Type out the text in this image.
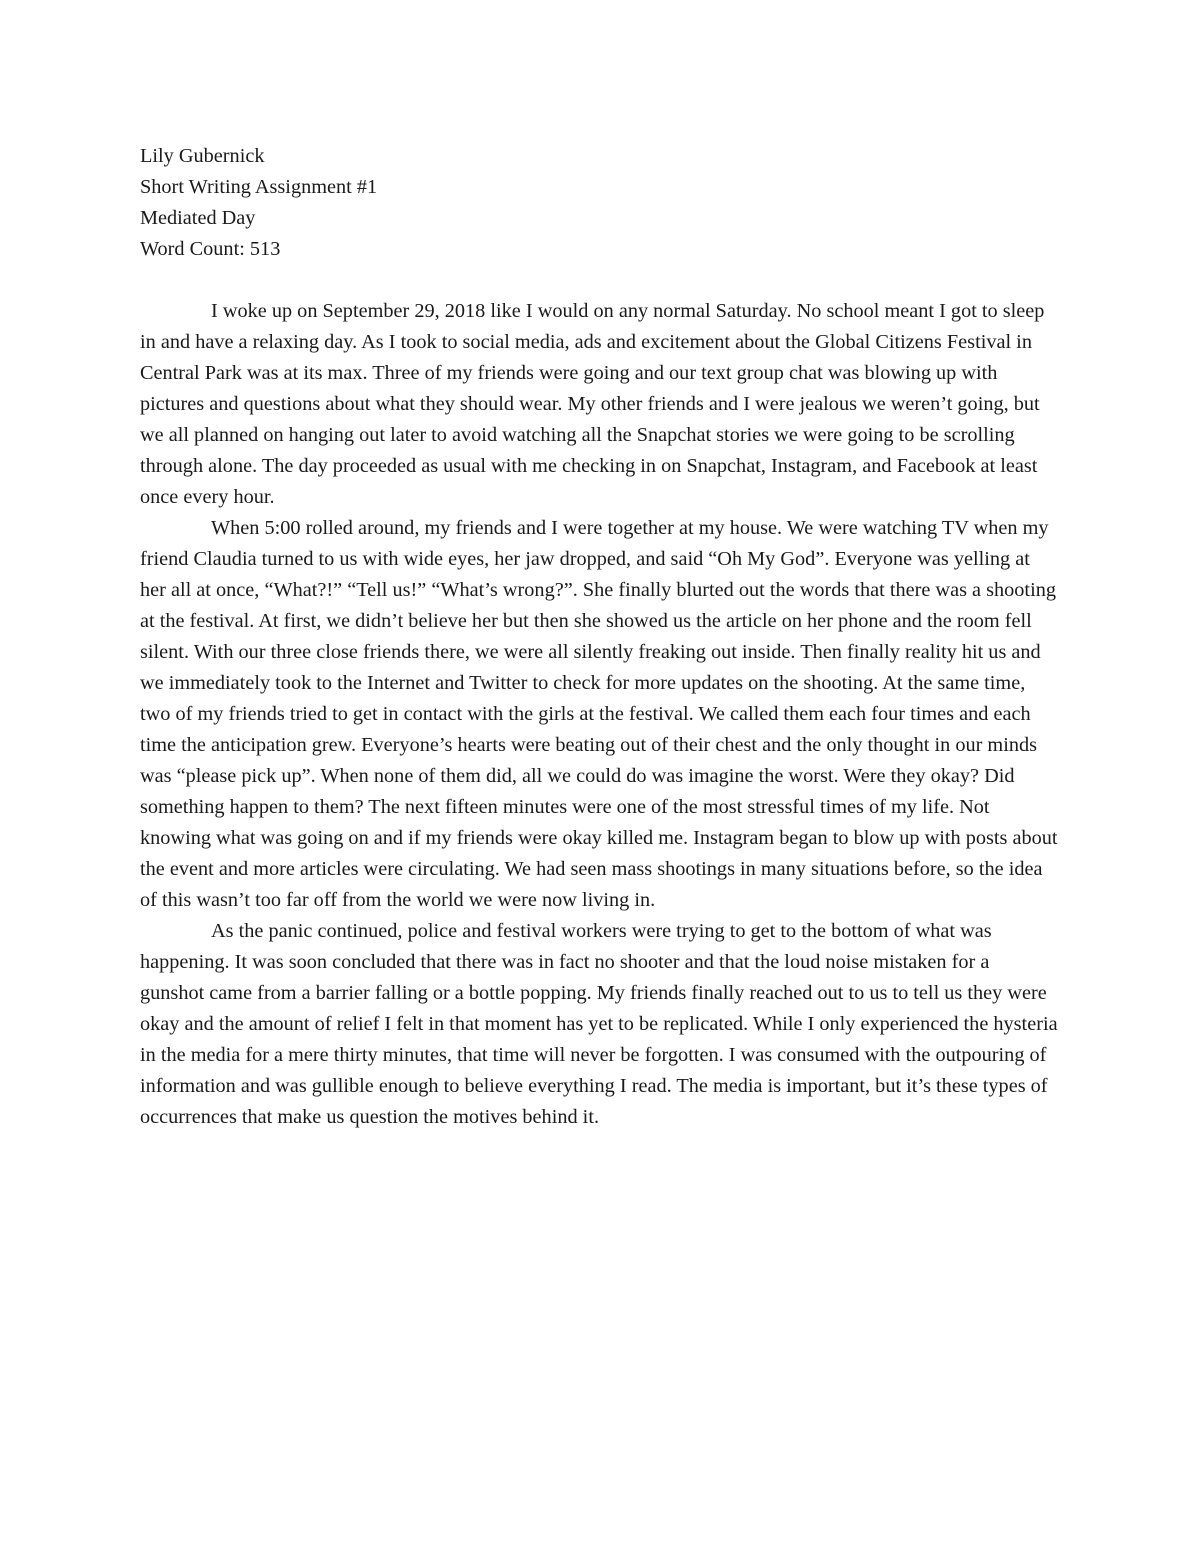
Lily Gubernick

Short Writing Assignment #1

Mediated Day

Word Count: 513

I woke up on September 29, 2018 like I would on any normal Saturday. No school meant I got to sleep in and have a relaxing day. As I took to social media, ads and excitement about the Global Citizens Festival in Central Park was at its max. Three of my friends were going and our text group chat was blowing up with pictures and questions about what they should wear. My other friends and I were jealous we weren’t going, but we all planned on hanging out later to avoid watching all the Snapchat stories we were going to be scrolling through alone. The day proceeded as usual with me checking in on Snapchat, Instagram, and Facebook at least once every hour.

When 5:00 rolled around, my friends and I were together at my house. We were watching TV when my friend Claudia turned to us with wide eyes, her jaw dropped, and said “Oh My God”. Everyone was yelling at her all at once, “What?!” “Tell us!” “What’s wrong?”. She finally blurted out the words that there was a shooting at the festival. At first, we didn’t believe her but then she showed us the article on her phone and the room fell silent. With our three close friends there, we were all silently freaking out inside. Then finally reality hit us and we immediately took to the Internet and Twitter to check for more updates on the shooting. At the same time, two of my friends tried to get in contact with the girls at the festival. We called them each four times and each time the anticipation grew. Everyone’s hearts were beating out of their chest and the only thought in our minds was “please pick up”. When none of them did, all we could do was imagine the worst. Were they okay? Did something happen to them? The next fifteen minutes were one of the most stressful times of my life. Not knowing what was going on and if my friends were okay killed me. Instagram began to blow up with posts about the event and more articles were circulating. We had seen mass shootings in many situations before, so the idea of this wasn’t too far off from the world we were now living in.

As the panic continued, police and festival workers were trying to get to the bottom of what was happening. It was soon concluded that there was in fact no shooter and that the loud noise mistaken for a gunshot came from a barrier falling or a bottle popping. My friends finally reached out to us to tell us they were okay and the amount of relief I felt in that moment has yet to be replicated. While I only experienced the hysteria in the media for a mere thirty minutes, that time will never be forgotten. I was consumed with the outpouring of information and was gullible enough to believe everything I read. The media is important, but it’s these types of occurrences that make us question the motives behind it.
